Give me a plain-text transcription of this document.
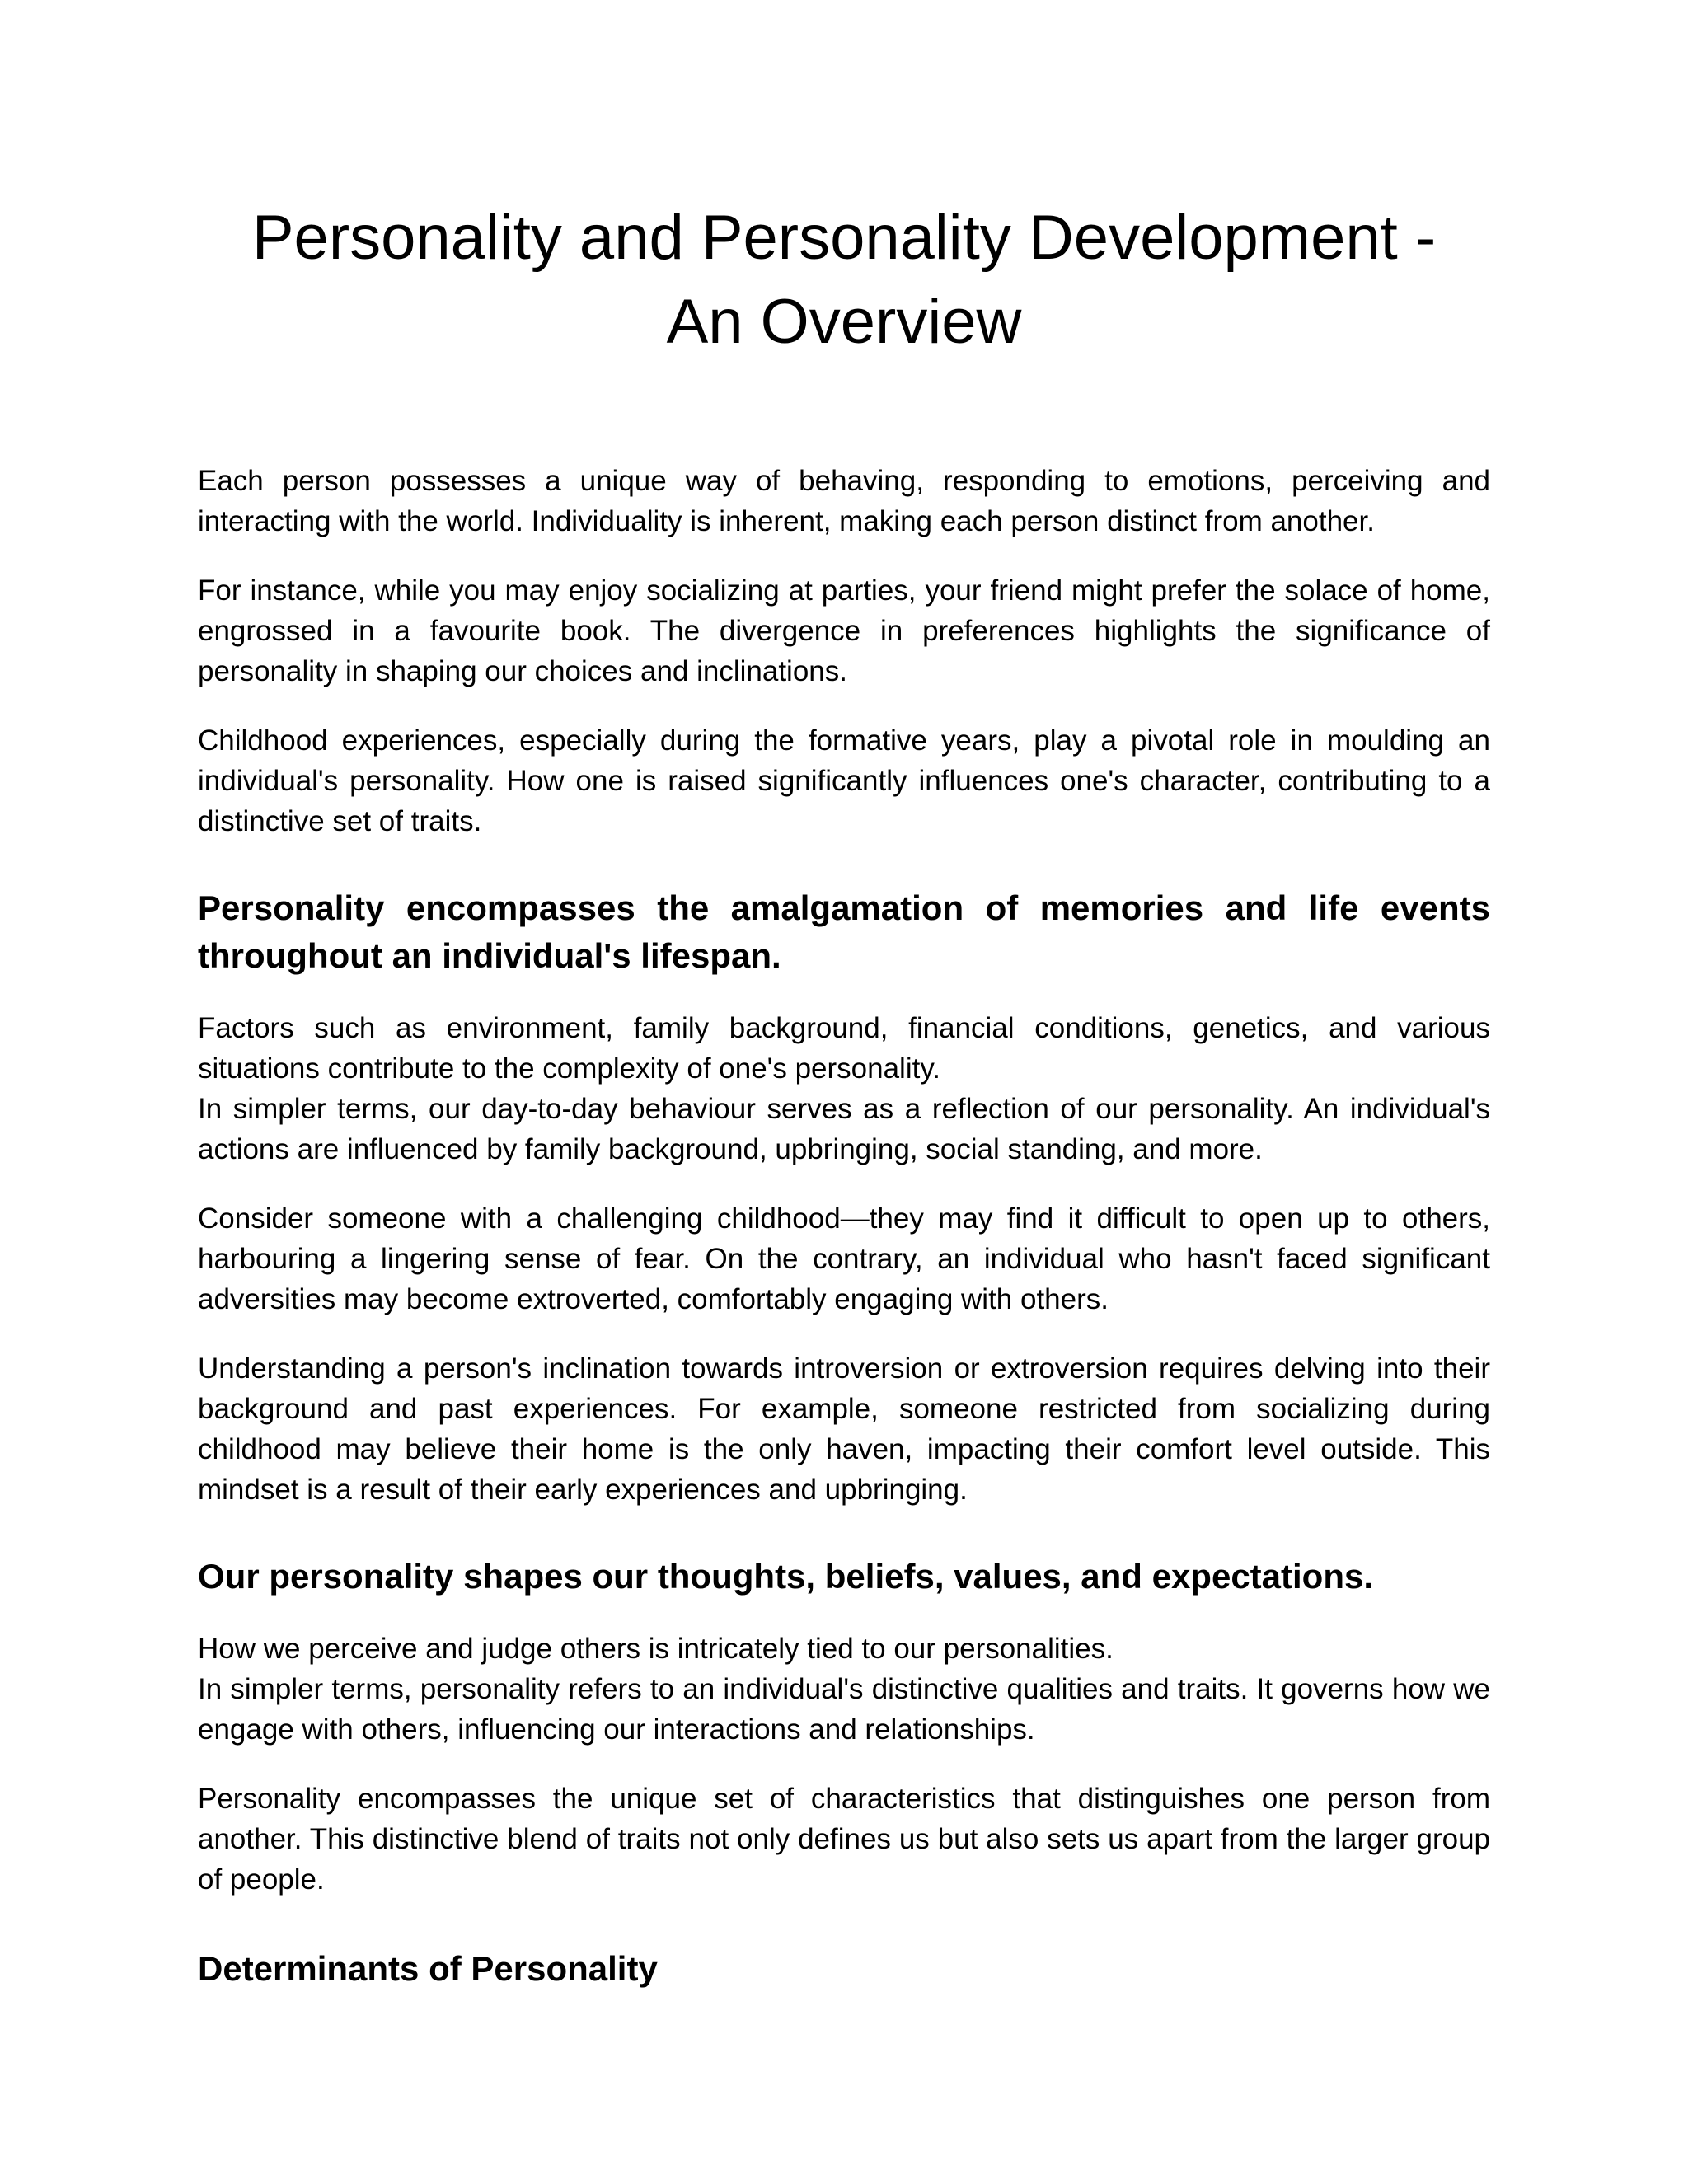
Personality and Personality Development -
An Overview

Each person possesses a unique way of behaving, responding to emotions, perceiving and interacting with the world. Individuality is inherent, making each person distinct from another.

For instance, while you may enjoy socializing at parties, your friend might prefer the solace of home, engrossed in a favourite book. The divergence in preferences highlights the significance of personality in shaping our choices and inclinations.

Childhood experiences, especially during the formative years, play a pivotal role in moulding an individual's personality. How one is raised significantly influences one's character, contributing to a distinctive set of traits.

Personality encompasses the amalgamation of memories and life events throughout an individual's lifespan.

Factors such as environment, family background, financial conditions, genetics, and various situations contribute to the complexity of one's personality.
In simpler terms, our day-to-day behaviour serves as a reflection of our personality. An individual's actions are influenced by family background, upbringing, social standing, and more.

Consider someone with a challenging childhood—they may find it difficult to open up to others, harbouring a lingering sense of fear. On the contrary, an individual who hasn't faced significant adversities may become extroverted, comfortably engaging with others.

Understanding a person's inclination towards introversion or extroversion requires delving into their background and past experiences. For example, someone restricted from socializing during childhood may believe their home is the only haven, impacting their comfort level outside. This mindset is a result of their early experiences and upbringing.

Our personality shapes our thoughts, beliefs, values, and expectations.

How we perceive and judge others is intricately tied to our personalities.
In simpler terms, personality refers to an individual's distinctive qualities and traits. It governs how we engage with others, influencing our interactions and relationships.

Personality encompasses the unique set of characteristics that distinguishes one person from another. This distinctive blend of traits not only defines us but also sets us apart from the larger group of people.

Determinants of Personality
